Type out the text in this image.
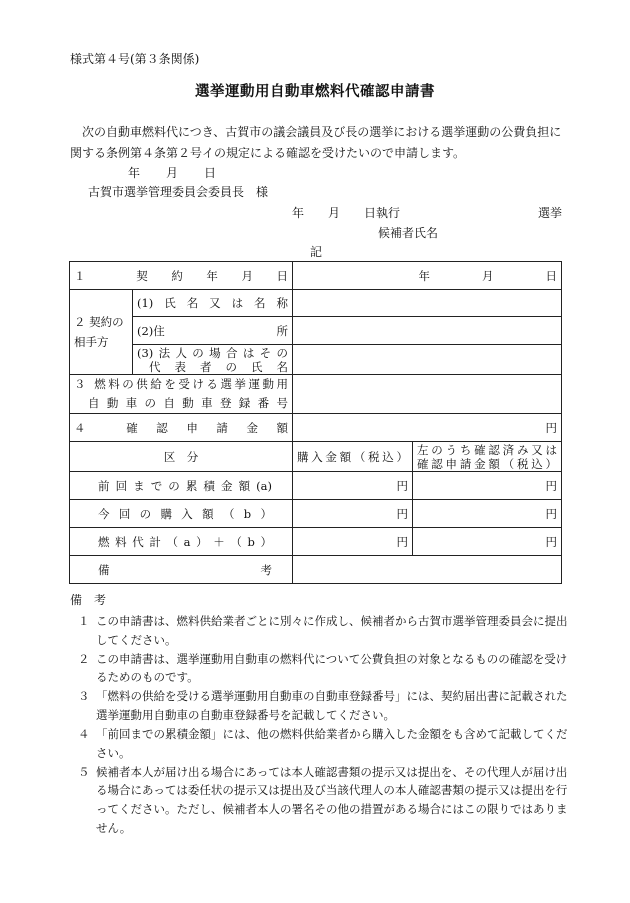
様式第４号(第３条関係)
選挙運動用自動車燃料代確認申請書
次の自動車燃料代につき、古賀市の議会議員及び長の選挙における選挙運動の公費負担に関する条例第４条第２号イの規定による確認を受けたいので申請します。
年 月 日
古賀市選挙管理委員会委員長　様
年　　月　　日執行	選挙
候補者氏名
記
１ 契約年月日		年 月 日	

２ 契約の相手方	(1)氏名又は名称		

	(2)住 所		

	(3)法人の場合はその
代表者の氏名		

３ 燃料の供給を受ける選挙運動用
自動車の自動車登録番号			

４ 確認申請金額		円	
区　分		購入金額（税込）	左のうち確認済み又は
確認申請金額（税込）

前回までの累積金額(a)		円	円
今回の購入額（b）		円	円
燃料代計（a）＋（b）		円	円
備考			
備　考
１ この申請書は、燃料供給業者ごとに別々に作成し、候補者から古賀市選挙管理委員会に提出してください。
２ この申請書は、選挙運動用自動車の燃料代について公費負担の対象となるものの確認を受けるためのものです。
３ 「燃料の供給を受ける選挙運動用自動車の自動車登録番号」には、契約届出書に記載された選挙運動用自動車の自動車登録番号を記載してください。
４ 「前回までの累積金額」には、他の燃料供給業者から購入した金額をも含めて記載してください。
５ 候補者本人が届け出る場合にあっては本人確認書類の提示又は提出を、その代理人が届け出る場合にあっては委任状の提示又は提出及び当該代理人の本人確認書類の提示又は提出を行ってください。ただし、候補者本人の署名その他の措置がある場合にはこの限りではありません。
